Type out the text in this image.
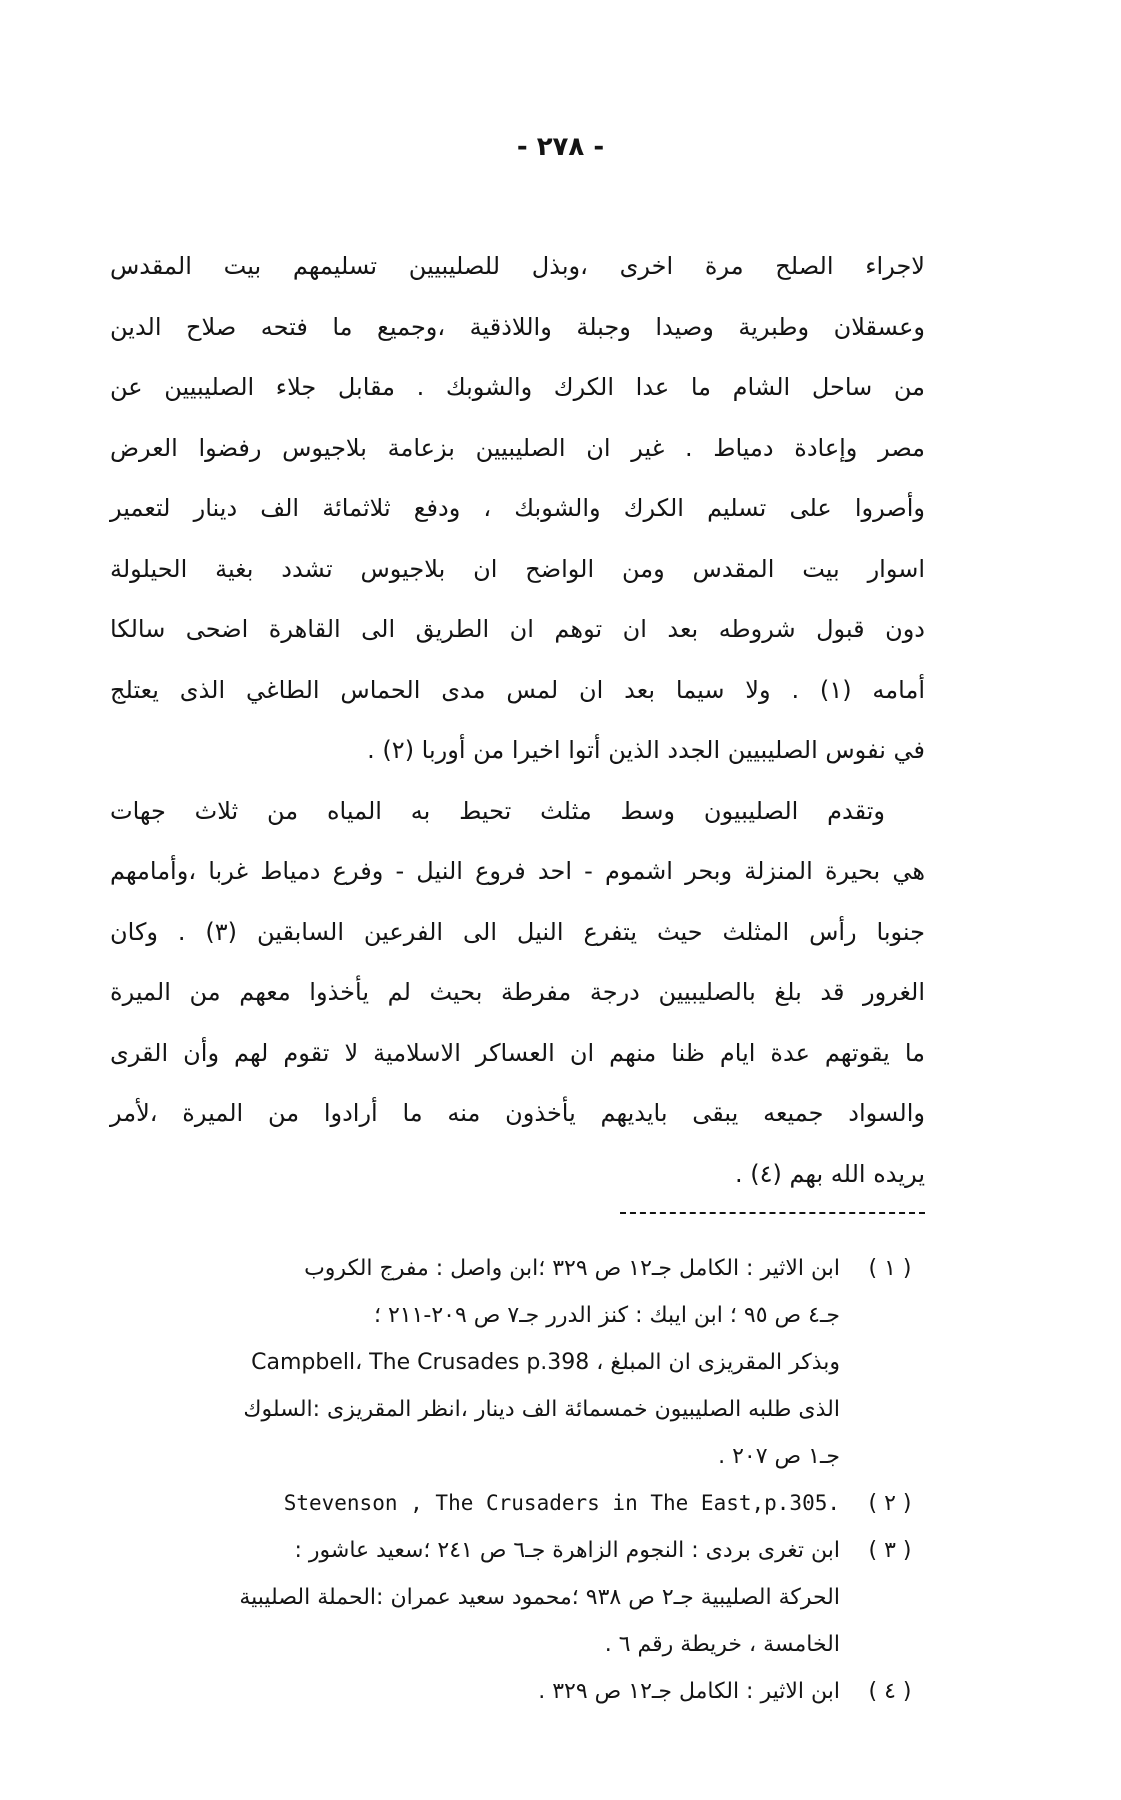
- ٢٧٨ -
لاجراء الصلح مرة اخرى ،وبذل للصليبيين تسليمهم بيت المقدس
وعسقلان وطبرية وصيدا وجبلة واللاذقية ،وجميع ما فتحه صلاح الدين
من ساحل الشام ما عدا الكرك والشوبك . مقابل جلاء الصليبيين عن
مصر وإعادة دمياط . غير ان الصليبيين بزعامة بلاجيوس رفضوا العرض
وأصروا على تسليم الكرك والشوبك ، ودفع ثلاثمائة الف دينار لتعمير
اسوار بيت المقدس ومن الواضح ان بلاجيوس تشدد بغية الحيلولة
دون قبول شروطه بعد ان توهم ان الطريق الى القاهرة اضحى سالكا
أمامه (١) . ولا سيما بعد ان لمس مدى الحماس الطاغي الذى يعتلج
في نفوس الصليبيين الجدد الذين أتوا اخيرا من أوربا (٢) .
وتقدم الصليبيون وسط مثلث تحيط به المياه من ثلاث جهات
هي بحيرة المنزلة وبحر اشموم - احد فروع النيل - وفرع دمياط غربا ،وأمامهم
جنوبا رأس المثلث حيث يتفرع النيل الى الفرعين السابقين (٣) . وكان
الغرور قد بلغ بالصليبيين درجة مفرطة بحيث لم يأخذوا معهم من الميرة
ما يقوتهم عدة ايام ظنا منهم ان العساكر الاسلامية لا تقوم لهم وأن القرى
والسواد جميعه يبقى بايديهم يأخذون منه ما أرادوا من الميرة ،لأمر
يريده الله بهم (٤) .
( ١ )
ابن الاثير : الكامل جـ١٢ ص ٣٢٩ ؛ابن واصل : مفرج الكروب
جـ٤ ص ٩٥ ؛ ابن ايبك : كنز الدرر جـ٧ ص ٢٠٩-٢١١ ؛
وبذكر المقريزى ان المبلغ ، Campbell، The Crusades p.398
الذى طلبه الصليبيون خمسمائة الف دينار ،انظر المقريزى :السلوك
جـ١ ص ٢٠٧ .
( ٢ )
Stevenson , The Crusaders in The East,p.305.
( ٣ )
ابن تغرى بردى : النجوم الزاهرة جـ٦ ص ٢٤١ ؛سعيد عاشور :
الحركة الصليبية جـ٢ ص ٩٣٨ ؛محمود سعيد عمران :الحملة الصليبية
الخامسة ، خريطة رقم ٦ .
( ٤ )
ابن الاثير : الكامل جـ١٢ ص ٣٢٩ .
